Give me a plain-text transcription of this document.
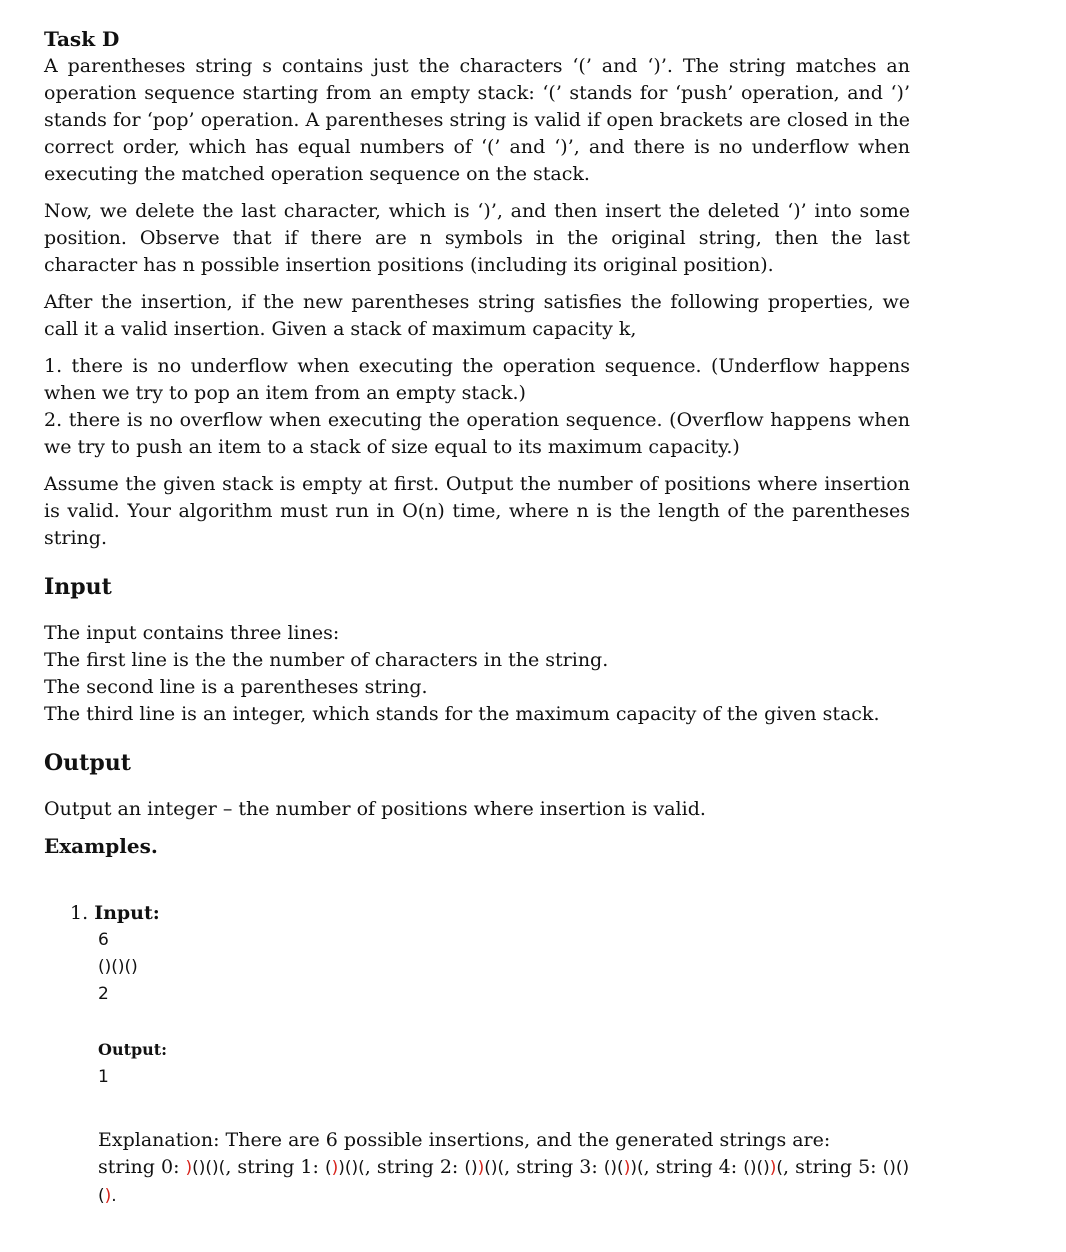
Task D

A parentheses string s contains just the characters ‘(’ and ‘)’. The string matches an operation sequence starting from an empty stack: ‘(’ stands for ‘push’ operation, and ‘)’ stands for ‘pop’ operation. A parentheses string is valid if open brackets are closed in the correct order, which has equal numbers of ‘(’ and ‘)’, and there is no underflow when executing the matched operation sequence on the stack.

Now, we delete the last character, which is ‘)’, and then insert the deleted ‘)’ into some position. Observe that if there are n symbols in the original string, then the last character has n possible insertion positions (including its original position).

After the insertion, if the new parentheses string satisfies the following properties, we call it a valid insertion. Given a stack of maximum capacity k,

1. there is no underflow when executing the operation sequence. (Underflow happens when we try to pop an item from an empty stack.)
2. there is no overflow when executing the operation sequence. (Overflow happens when we try to push an item to a stack of size equal to its maximum capacity.)

Assume the given stack is empty at first. Output the number of positions where insertion is valid. Your algorithm must run in O(n) time, where n is the length of the parentheses string.

Input

The input contains three lines:

The first line is the the number of characters in the string.

The second line is a parentheses string.

The third line is an integer, which stands for the maximum capacity of the given stack.

Output

Output an integer – the number of positions where insertion is valid.

Examples.
1. Input:
6
()()()
2
Output:
1
Explanation: There are 6 possible insertions, and the generated strings are:
string 0: )()()(, string 1: ())()(, string 2: ())()(, string 3: ()())(, string 4: ()())(, string 5: ()()().
